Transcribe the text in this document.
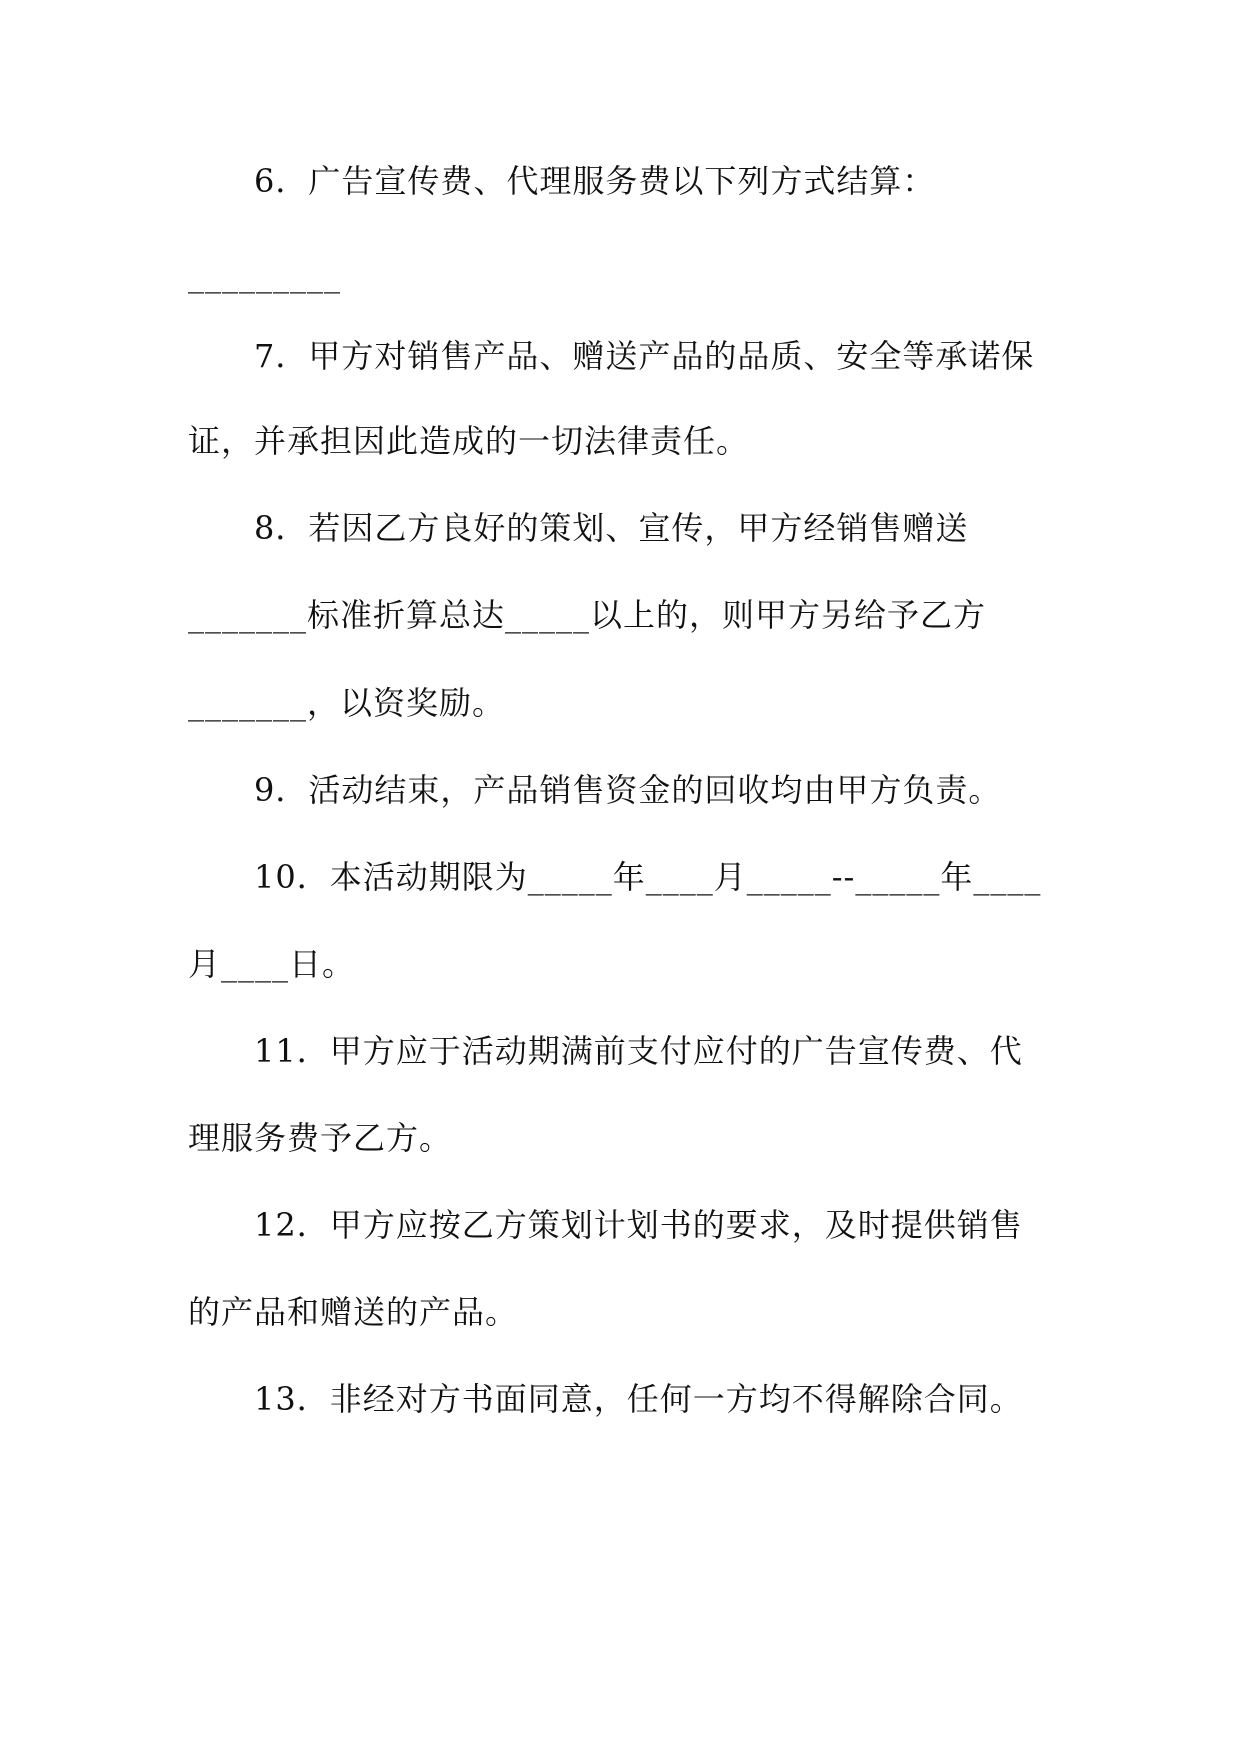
6．广告宣传费、代理服务费以下列方式结算：

_________

7．甲方对销售产品、赠送产品的品质、安全等承诺保

证，并承担因此造成的一切法律责任。

8．若因乙方良好的策划、宣传，甲方经销售赠送

_______标准折算总达_____以上的，则甲方另给予乙方

_______，以资奖励。

9．活动结束，产品销售资金的回收均由甲方负责。

10．本活动期限为_____年____月_____--_____年____

月____日。

11．甲方应于活动期满前支付应付的广告宣传费、代

理服务费予乙方。

12．甲方应按乙方策划计划书的要求，及时提供销售

的产品和赠送的产品。

13．非经对方书面同意，任何一方均不得解除合同。
